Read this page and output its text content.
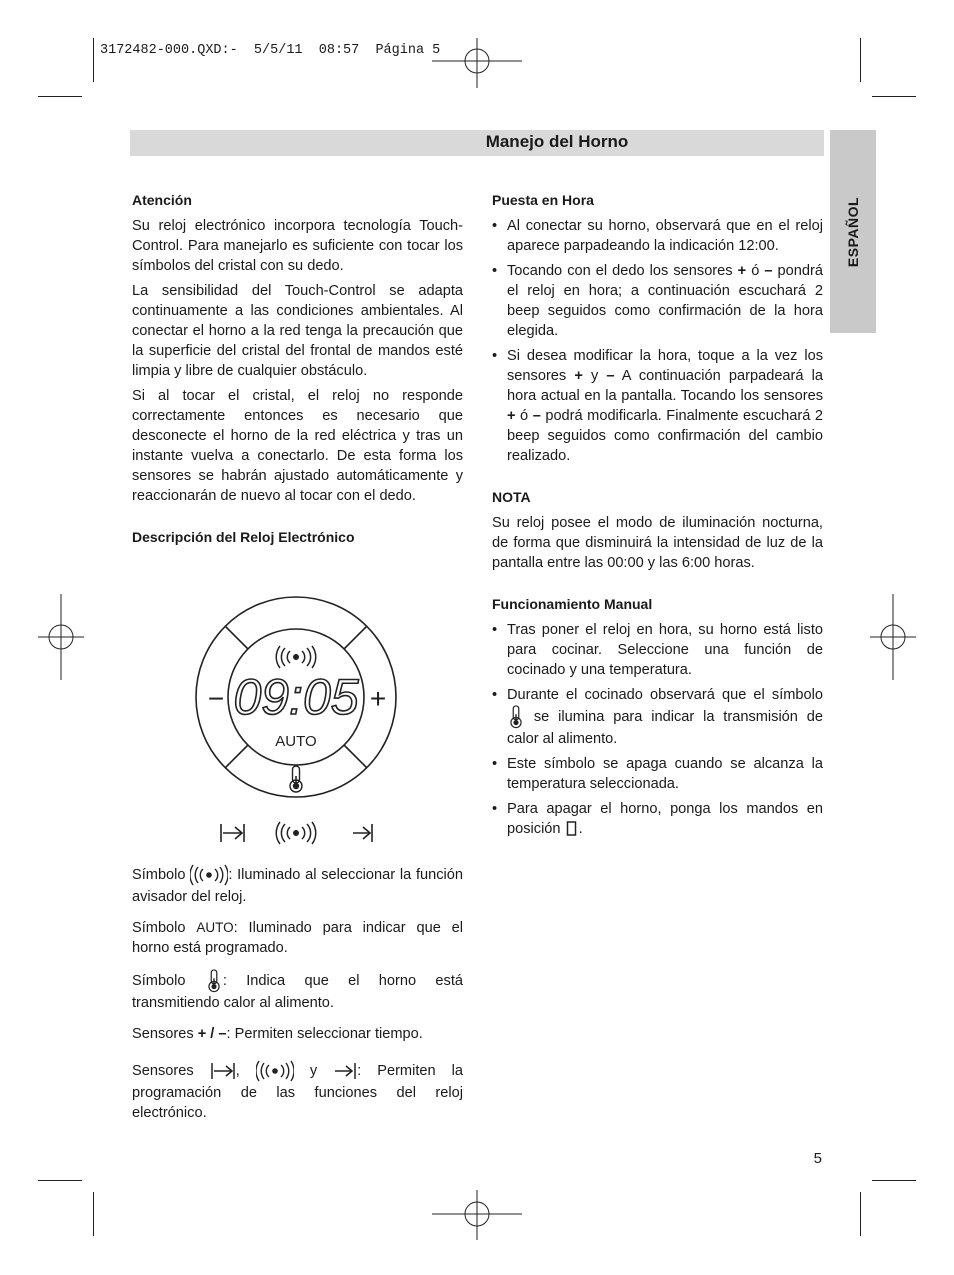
3172482-000.QXD:-  5/5/11  08:57  Página 5
Manejo del Horno
ESPAÑOL
Atención

Su reloj electrónico incorpora tecnología Touch-Control. Para manejarlo es suficiente con tocar los símbolos del cristal con su dedo.

La sensibilidad del Touch-Control se adapta continuamente a las condiciones ambientales. Al conectar el horno a la red tenga la precaución que la superficie del cristal del frontal de mandos esté limpia y libre de cualquier obstáculo.

Si al tocar el cristal, el reloj no responde correctamente entonces es necesario que desconecte el horno de la red eléctrica y tras un instante vuelva a conectarlo. De esta forma los sensores se habrán ajustado automáticamente y reaccionarán de nuevo al tocar con el dedo.

Descripción del Reloj Electrónico
−	+
09:05
AUTO

Símbolo	: Iluminado al seleccionar la función avisador del reloj.

Símbolo AUTO: Iluminado para indicar que el horno está programado.

Símbolo	: Indica que el horno está transmitiendo calor al alimento.

Sensores + / –: Permiten seleccionar tiempo.

Sensores	,	y	: Permiten la programación de las funciones del reloj electrónico.

Puesta en Hora
• Al conectar su horno, observará que en el reloj aparece parpadeando la indicación 12:00.
• Tocando con el dedo los sensores + ó – pondrá el reloj en hora; a continuación escuchará 2 beep seguidos como confirmación de la hora elegida.
• Si desea modificar la hora, toque a la vez los sensores + y – A continuación parpadeará la hora actual en la pantalla. Tocando los sensores + ó – podrá modificarla. Finalmente escuchará 2 beep seguidos como confirmación del cambio realizado.
NOTA

Su reloj posee el modo de iluminación nocturna, de forma que disminuirá la intensidad de luz de la pantalla entre las 00:00 y las 6:00 horas.

Funcionamiento Manual
• Tras poner el reloj en hora, su horno está listo para cocinar. Seleccione una función de cocinado y una temperatura.
• Durante el cocinado observará que el símbolo  se ilumina para indicar la transmisión de calor al alimento.
• Este símbolo se apaga cuando se alcanza la temperatura seleccionada.
• Para apagar el horno, ponga los mandos en posición .
5
